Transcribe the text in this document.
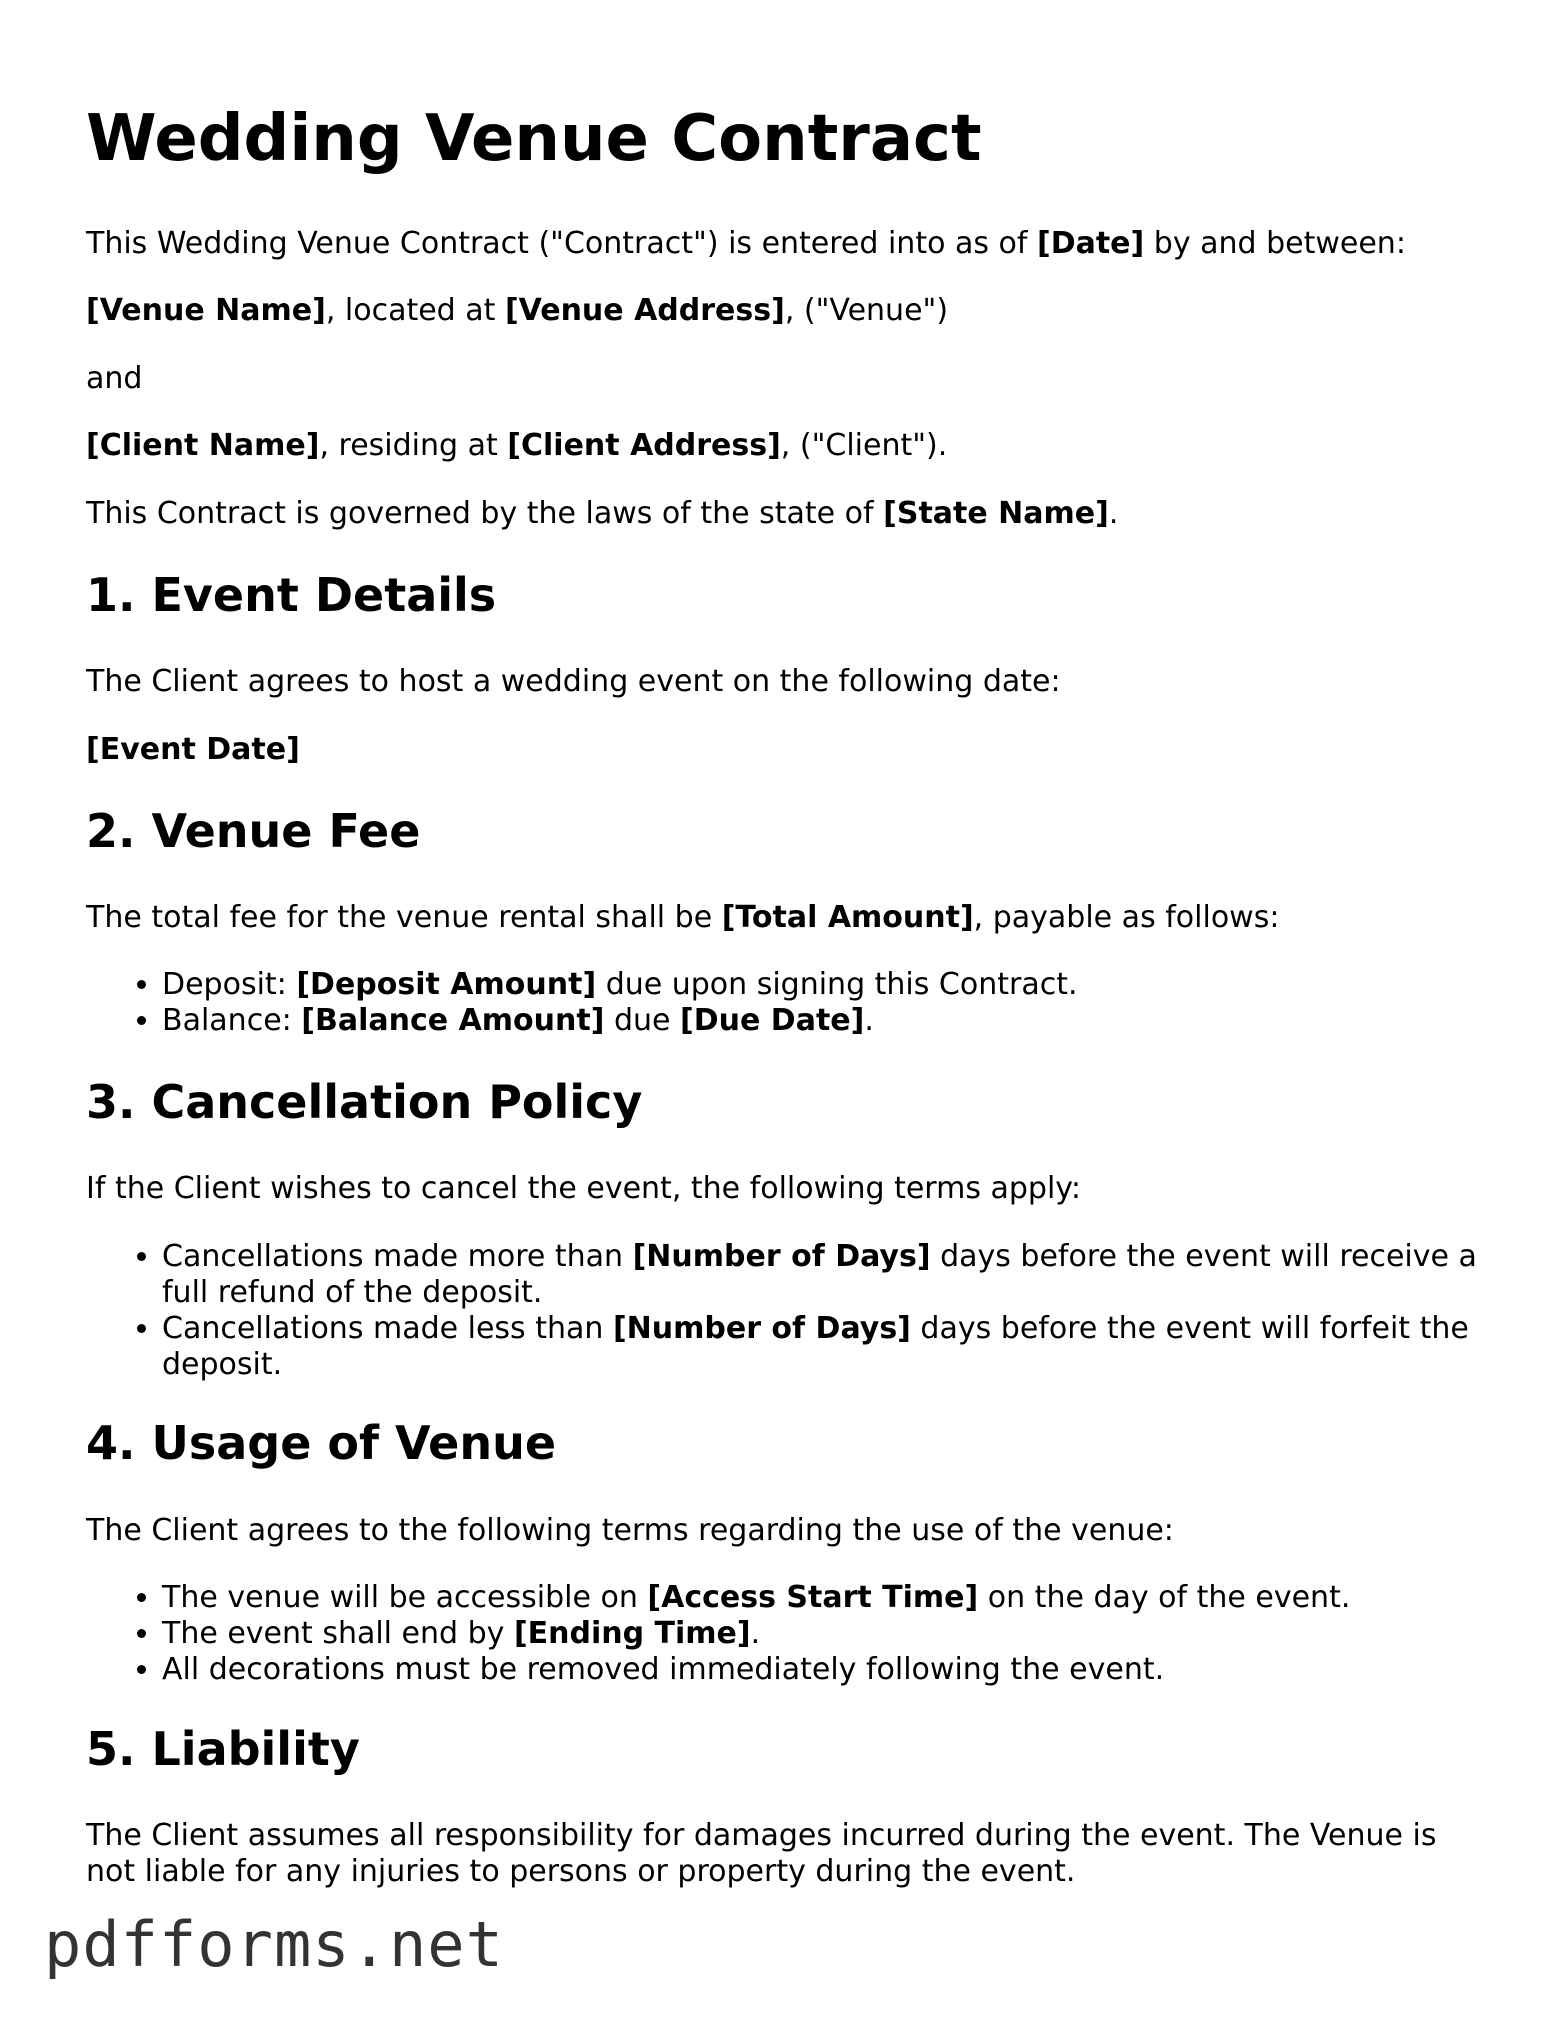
Wedding Venue Contract

This Wedding Venue Contract ("Contract") is entered into as of [Date] by and between:

[Venue Name], located at [Venue Address], ("Venue")

and

[Client Name], residing at [Client Address], ("Client").

This Contract is governed by the laws of the state of [State Name].

1. Event Details

The Client agrees to host a wedding event on the following date:

[Event Date]

2. Venue Fee

The total fee for the venue rental shall be [Total Amount], payable as follows:

• Deposit: [Deposit Amount] due upon signing this Contract.
• Balance: [Balance Amount] due [Due Date].
3. Cancellation Policy

If the Client wishes to cancel the event, the following terms apply:

• Cancellations made more than [Number of Days] days before the event will receive a full refund of the deposit.
• Cancellations made less than [Number of Days] days before the event will forfeit the deposit.
4. Usage of Venue

The Client agrees to the following terms regarding the use of the venue:

• The venue will be accessible on [Access Start Time] on the day of the event.
• The event shall end by [Ending Time].
• All decorations must be removed immediately following the event.
5. Liability

The Client assumes all responsibility for damages incurred during the event. The Venue is not liable for any injuries to persons or property during the event.

pdfforms.net
